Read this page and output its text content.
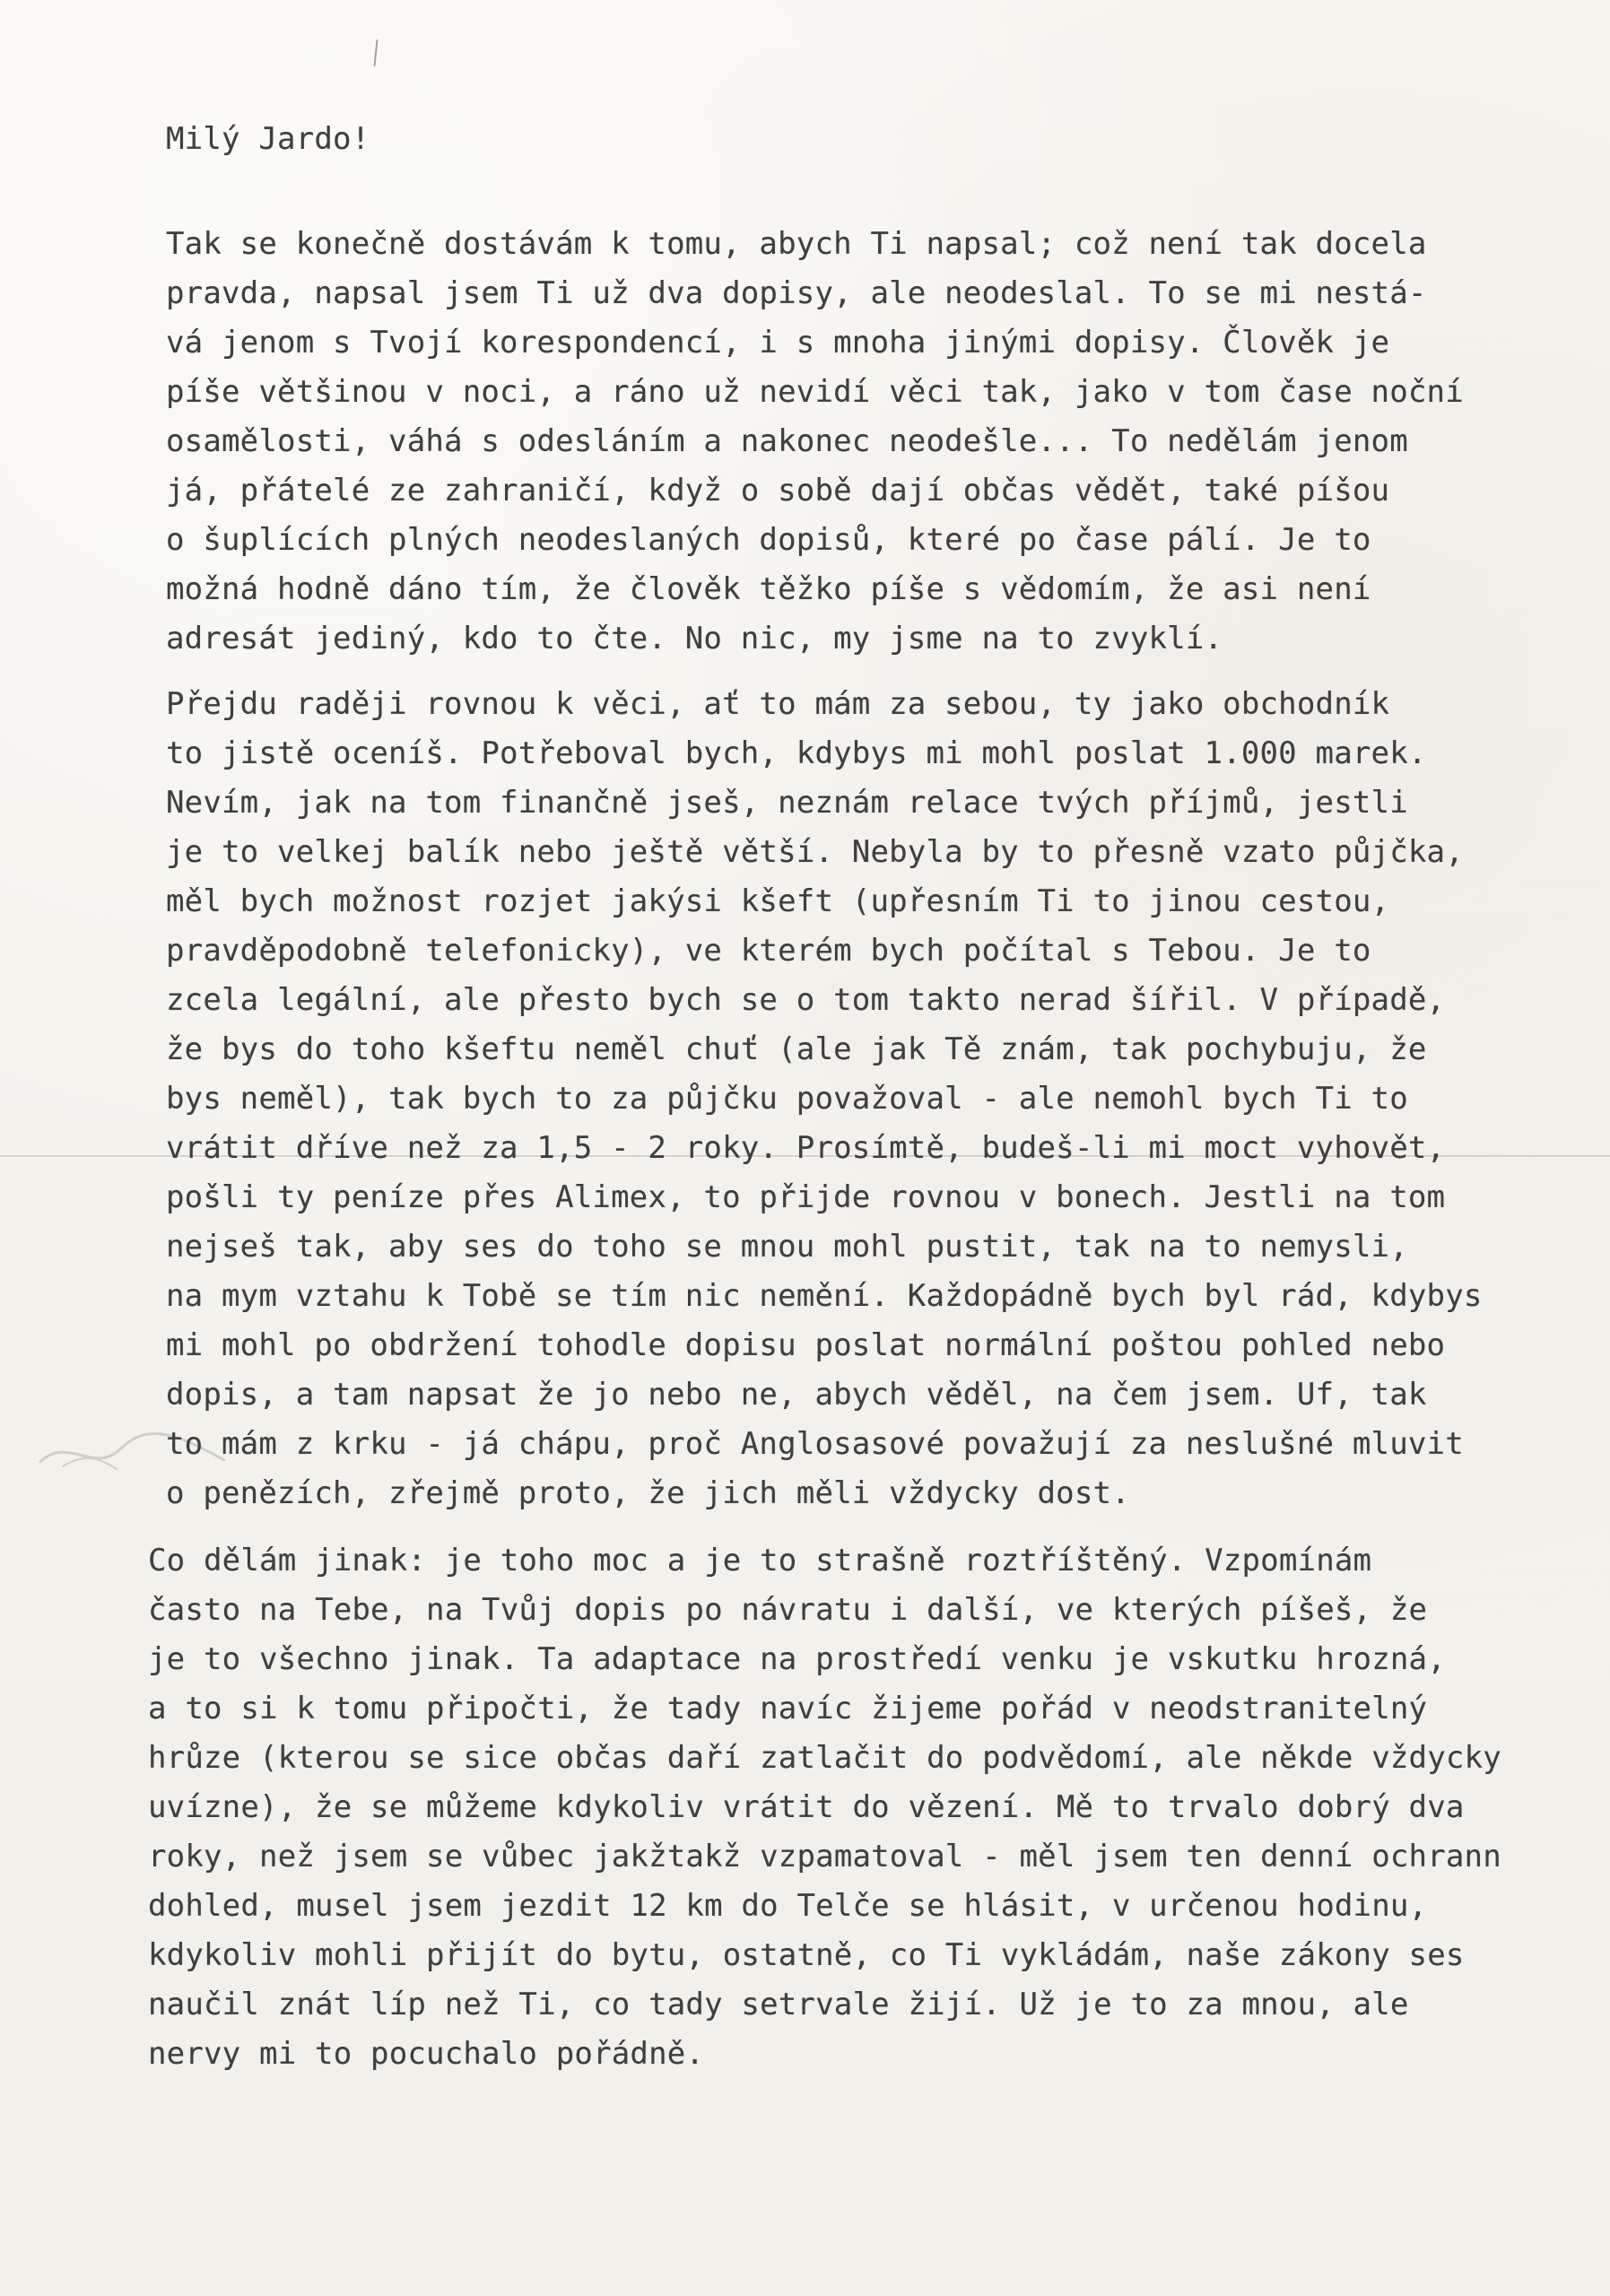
Milý Jardo!

Tak se konečně dostávám k tomu, abych Ti napsal; což není tak docela
pravda, napsal jsem Ti už dva dopisy, ale neodeslal. To se mi nestá-
vá jenom s Tvojí korespondencí, i s mnoha jinými dopisy. Člověk je
píše většinou v noci, a ráno už nevidí věci tak, jako v tom čase noční
osamělosti, váhá s odesláním a nakonec neodešle... To nedělám jenom
já, přátelé ze zahraničí, když o sobě dají občas vědět, také píšou
o šuplících plných neodeslaných dopisů, které po čase pálí. Je to
možná hodně dáno tím, že člověk těžko píše s vědomím, že asi není
adresát jediný, kdo to čte. No nic, my jsme na to zvyklí.

Přejdu raději rovnou k věci, ať to mám za sebou, ty jako obchodník
to jistě oceníš. Potřeboval bych, kdybys mi mohl poslat 1.000 marek.
Nevím, jak na tom finančně jseš, neznám relace tvých příjmů, jestli
je to velkej balík nebo ještě větší. Nebyla by to přesně vzato půjčka,
měl bych možnost rozjet jakýsi kšeft (upřesním Ti to jinou cestou,
pravděpodobně telefonicky), ve kterém bych počítal s Tebou. Je to
zcela legální, ale přesto bych se o tom takto nerad šířil. V případě,
že bys do toho kšeftu neměl chuť (ale jak Tě znám, tak pochybuju, že
bys neměl), tak bych to za půjčku považoval - ale nemohl bych Ti to
vrátit dříve než za 1,5 - 2 roky. Prosímtě, budeš-li mi moct vyhovět,
pošli ty peníze přes Alimex, to přijde rovnou v bonech. Jestli na tom
nejseš tak, aby ses do toho se mnou mohl pustit, tak na to nemysli,
na mym vztahu k Tobě se tím nic nemění. Každopádně bych byl rád, kdybys
mi mohl po obdržení tohodle dopisu poslat normální poštou pohled nebo
dopis, a tam napsat že jo nebo ne, abych věděl, na čem jsem. Uf, tak
to mám z krku - já chápu, proč Anglosasové považují za neslušné mluvit
o penězích, zřejmě proto, že jich měli vždycky dost.

Co dělám jinak: je toho moc a je to strašně roztříštěný. Vzpomínám
často na Tebe, na Tvůj dopis po návratu i další, ve kterých píšeš, že
je to všechno jinak. Ta adaptace na prostředí venku je vskutku hrozná,
a to si k tomu připočti, že tady navíc žijeme pořád v neodstranitelný
hrůze (kterou se sice občas daří zatlačit do podvědomí, ale někde vždycky
uvízne), že se můžeme kdykoliv vrátit do vězení. Mě to trvalo dobrý dva
roky, než jsem se vůbec jakžtakž vzpamatoval - měl jsem ten denní ochrann
dohled, musel jsem jezdit 12 km do Telče se hlásit, v určenou hodinu,
kdykoliv mohli přijít do bytu, ostatně, co Ti vykládám, naše zákony ses
naučil znát líp než Ti, co tady setrvale žijí. Už je to za mnou, ale
nervy mi to pocuchalo pořádně.
